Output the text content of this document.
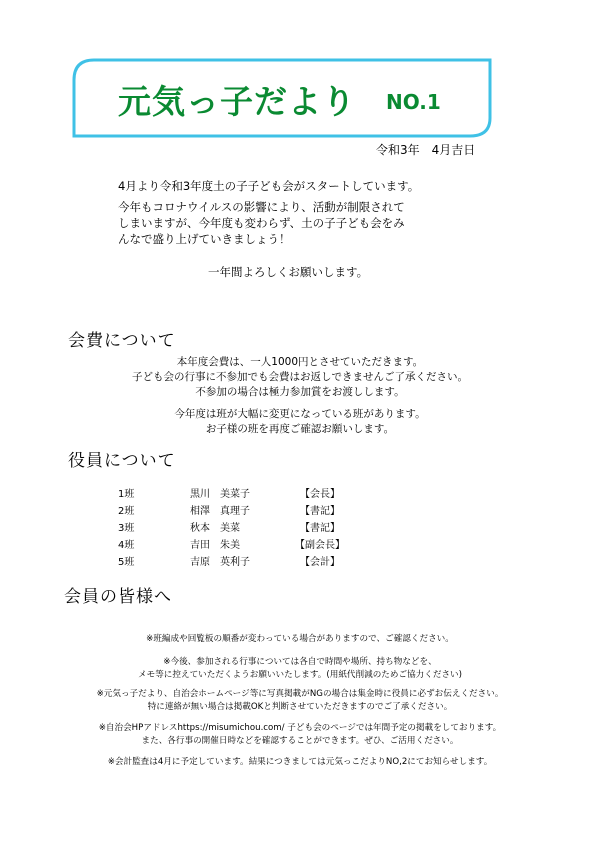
元気っ子だより NO.1
令和3年　4月吉日
4月より令和3年度土の子子ども会がスタートしています。
今年もコロナウイルスの影響により、活動が制限されて
しまいますが、今年度も変わらず、土の子子ども会をみ
んなで盛り上げていきましょう！
一年間よろしくお願いします。
会費について
本年度会費は、一人1000円とさせていただきます。
子ども会の行事に不参加でも会費はお返しできませんご了承ください。
不参加の場合は極力参加賞をお渡しします。
今年度は班が大幅に変更になっている班があります。
お子様の班を再度ご確認お願いします。
役員について
1班	黒川　美菜子	【会長】
2班	相澤　真理子	【書記】
3班	秋本　美菜	【書記】
4班	吉田　朱美	【副会長】
5班	吉原　英利子	【会計】
会員の皆様へ
※班編成や回覧板の順番が変わっている場合がありますので、ご確認ください。
※今後、参加される行事については各自で時間や場所、持ち物などを、
メモ等に控えていただくようお願いいたします。(用紙代削減のためご協力ください)
※元気っ子だより、自治会ホームページ等に写真掲載がNGの場合は集金時に役員に必ずお伝えください。
特に連絡が無い場合は掲載OKと判断させていただきますのでご了承ください。
※自治会HPアドレスhttps://misumichou.com/ 子ども会のページでは年間予定の掲載をしております。
また、各行事の開催日時などを確認することができます。ぜひ、ご活用ください。
※会計監査は4月に予定しています。結果につきましては元気っこだよりNO,2にてお知らせします。
